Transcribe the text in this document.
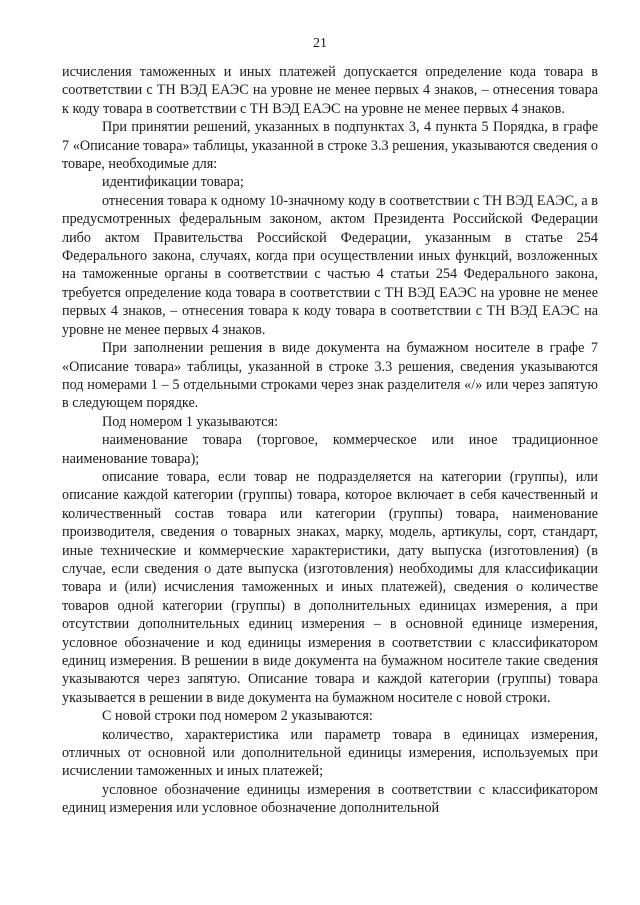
21

исчисления таможенных и иных платежей допускается определение кода товара в соответствии с ТН ВЭД ЕАЭС на уровне не менее первых 4 знаков, – отнесения товара к коду товара в соответствии с ТН ВЭД ЕАЭС на уровне не менее первых 4 знаков.

При принятии решений, указанных в подпунктах 3, 4 пункта 5 Порядка, в графе 7 «Описание товара» таблицы, указанной в строке 3.3 решения, указываются сведения о товаре, необходимые для:

идентификации товара;

отнесения товара к одному 10-значному коду в соответствии с ТН ВЭД ЕАЭС, а в предусмотренных федеральным законом, актом Президента Российской Федерации либо актом Правительства Российской Федерации, указанным в статье 254 Федерального закона, случаях, когда при осуществлении иных функций, возложенных на таможенные органы в соответствии с частью 4 статьи 254 Федерального закона, требуется определение кода товара в соответствии с ТН ВЭД ЕАЭС на уровне не менее первых 4 знаков, – отнесения товара к коду товара в соответствии с ТН ВЭД ЕАЭС на уровне не менее первых 4 знаков.

При заполнении решения в виде документа на бумажном носителе в графе 7 «Описание товара» таблицы, указанной в строке 3.3 решения, сведения указываются под номерами 1 – 5 отдельными строками через знак разделителя «/» или через запятую в следующем порядке.

Под номером 1 указываются:

наименование товара (торговое, коммерческое или иное традиционное наименование товара);

описание товара, если товар не подразделяется на категории (группы), или описание каждой категории (группы) товара, которое включает в себя качественный и количественный состав товара или категории (группы) товара, наименование производителя, сведения о товарных знаках, марку, модель, артикулы, сорт, стандарт, иные технические и коммерческие характеристики, дату выпуска (изготовления) (в случае, если сведения о дате выпуска (изготовления) необходимы для классификации товара и (или) исчисления таможенных и иных платежей), сведения о количестве товаров одной категории (группы) в дополнительных единицах измерения, а при отсутствии дополнительных единиц измерения – в основной единице измерения, условное обозначение и код единицы измерения в соответствии с классификатором единиц измерения. В решении в виде документа на бумажном носителе такие сведения указываются через запятую. Описание товара и каждой категории (группы) товара указывается в решении в виде документа на бумажном носителе с новой строки.

С новой строки под номером 2 указываются:

количество, характеристика или параметр товара в единицах измерения, отличных от основной или дополнительной единицы измерения, используемых при исчислении таможенных и иных платежей;

условное обозначение единицы измерения в соответствии с классификатором единиц измерения или условное обозначение дополнительной
